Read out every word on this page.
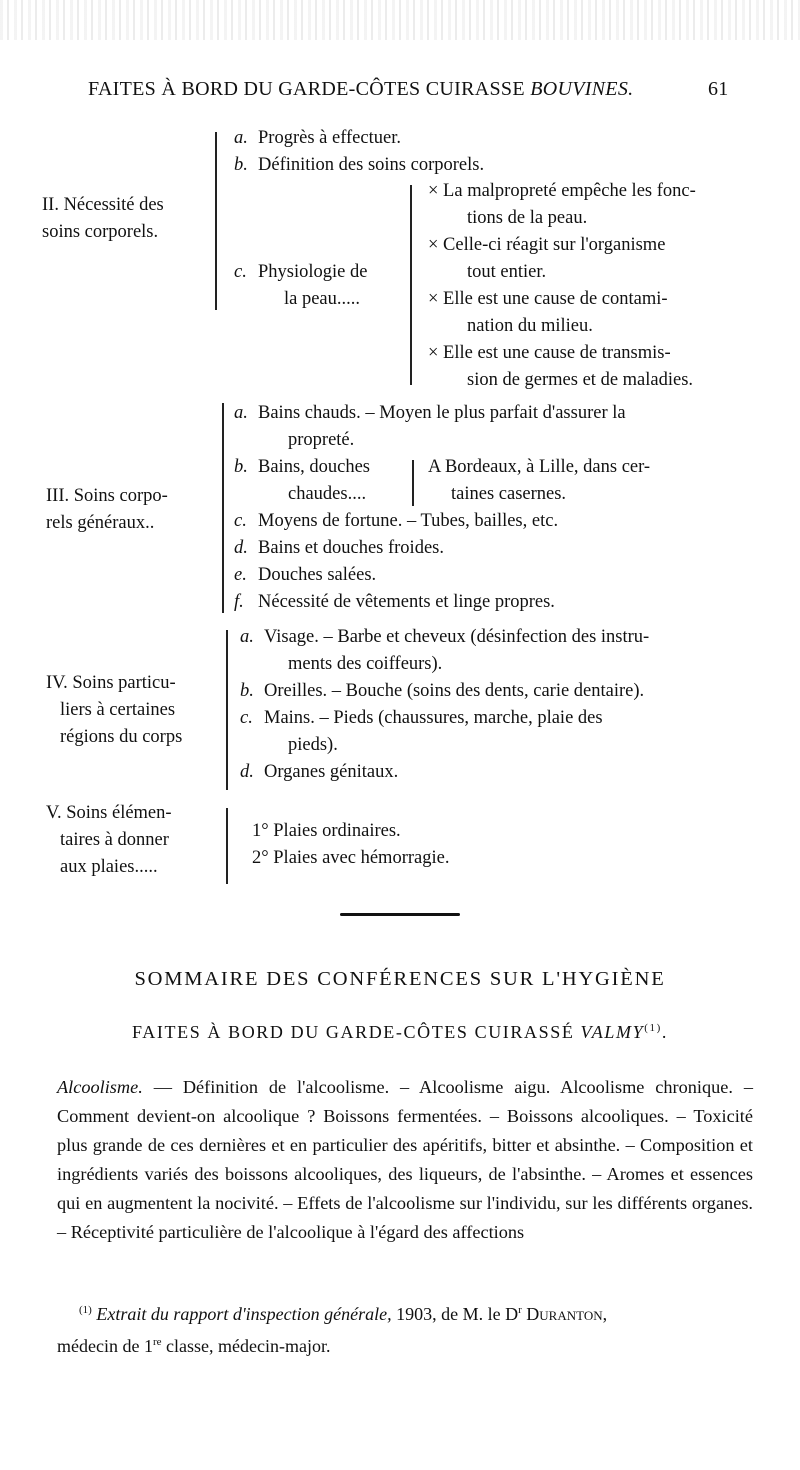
FAITES À BORD DU GARDE-CÔTES CUIRASSE BOUVINES.	61
II. Nécessité des
soins corporels.
a. Progrès à effectuer.
b. Définition des soins corporels.
c. Physiologie de
la peau.....
× La malpropreté empêche les fonc-
tions de la peau.
× Celle-ci réagit sur l'organisme
tout entier.
× Elle est une cause de contami-
nation du milieu.
× Elle est une cause de transmis-
sion de germes et de maladies.
III. Soins corpo-
rels généraux..
a. Bains chauds. – Moyen le plus parfait d'assurer la
propreté.
b. Bains, douches
chaudes....
A Bordeaux, à Lille, dans cer-
taines casernes.
c. Moyens de fortune. – Tubes, bailles, etc.
d. Bains et douches froides.
e. Douches salées.
f. Nécessité de vêtements et linge propres.
IV. Soins particu-
liers à certaines
régions du corps
a. Visage. – Barbe et cheveux (désinfection des instru-
ments des coiffeurs).
b. Oreilles. – Bouche (soins des dents, carie dentaire).
c. Mains. – Pieds (chaussures, marche, plaie des
pieds).
d. Organes génitaux.
V. Soins élémen-
taires à donner
aux plaies.....
1° Plaies ordinaires.
2° Plaies avec hémorragie.
SOMMAIRE DES CONFÉRENCES SUR L'HYGIÈNE
FAITES À BORD DU GARDE-CÔTES CUIRASSÉ VALMY$^{(1)}$.
Alcoolisme. — Définition de l'alcoolisme. – Alcoolisme aigu. Alcoolisme chronique. – Comment devient-on alcoolique ? Boissons fermentées. – Boissons alcooliques. – Toxicité plus grande de ces dernières et en particulier des apéritifs, bitter et absinthe. – Composition et ingrédients variés des boissons alcooliques, des liqueurs, de l'absinthe. – Aromes et essences qui en augmentent la nocivité. – Effets de l'alcoolisme sur l'individu, sur les différents organes. – Réceptivité particulière de l'alcoolique à l'égard des affections
$^{(1)}$ Extrait du rapport d'inspection générale, 1903, de M. le $D^r$ Duranton,
médecin de 1re classe, médecin-major.
